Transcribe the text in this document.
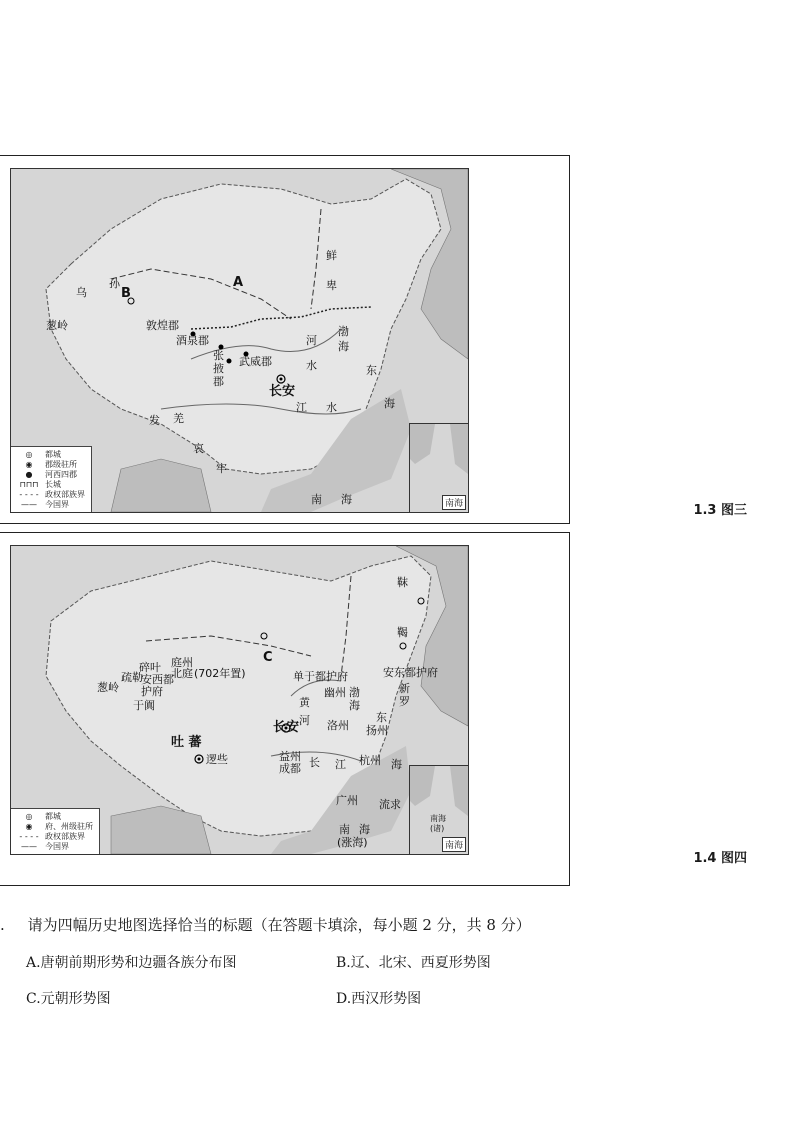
A
B
乌
孙
葱岭	敦煌郡
酒泉郡
张
掖
郡
武威郡
河
水
鲜
卑
渤
海
长安
江 水
东
海
发 羌
哀
牢
南 海
◎	都城
◉	郡级驻所
●	河西四郡
⊓⊓⊓ 长城
- - - - 政权部族界
——	今国界	南海	1.3 图三
C
靺
鞨
葱 岭
碎叶
疏勒
安西都
护府
于阗
庭州
北庭 (702年置)
吐 蕃
逻些
单于都护府
幽州 渤
海
安东都护府
新
罗
黄
河
长安	洛州 扬州
东
海
益州
成都 长 江 杭州
广州 流求
南 海
(涨海)
◎	都城
◉	府、州级驻所
- - - - 政权部族界
——	今国界
南海
(诸)
南海
1.4 图四
. 请为四幅历史地图选择恰当的标题（在答题卡填涂，每小题 2 分，共 8 分）
A.唐朝前期形势和边疆各族分布图	B.辽、北宋、西夏形势图
C.元朝形势图	D.西汉形势图
